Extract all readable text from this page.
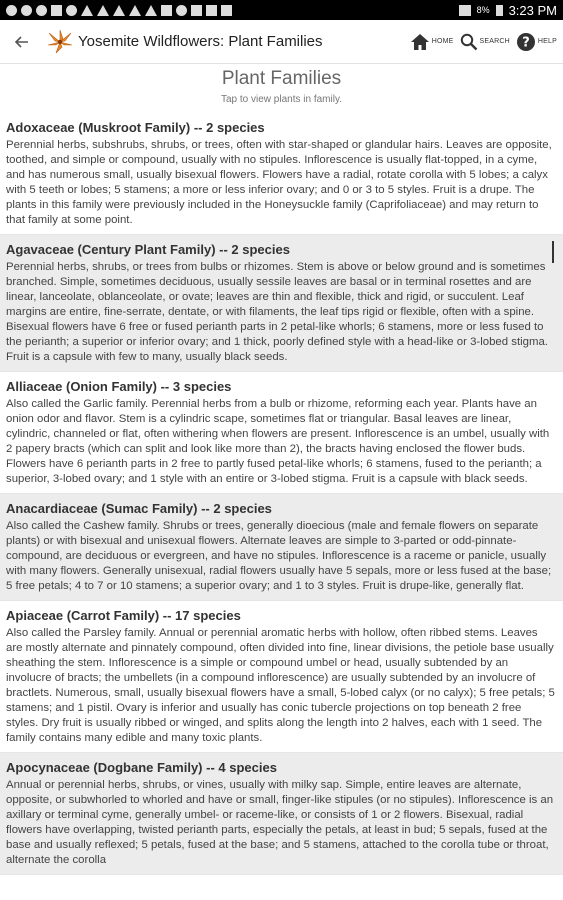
8% 3:23 PM
Yosemite Wildflowers: Plant Families	HOME	SEARCH ? HELP
Plant Families
Tap to view plants in family.
Adoxaceae (Muskroot Family) -- 2 species
Perennial herbs, subshrubs, shrubs, or trees, often with star-shaped or glandular hairs. Leaves are opposite, toothed, and simple or compound, usually with no stipules. Inflorescence is usually flat-topped, in a cyme, and has numerous small, usually bisexual flowers. Flowers have a radial, rotate corolla with 5 lobes; a calyx with 5 teeth or lobes; 5 stamens; a more or less inferior ovary; and 0 or 3 to 5 styles. Fruit is a drupe. The plants in this family were previously included in the Honeysuckle family (Caprifoliaceae) and may return to that family at some point.
Agavaceae (Century Plant Family) -- 2 species
Perennial herbs, shrubs, or trees from bulbs or rhizomes. Stem is above or below ground and is sometimes branched. Simple, sometimes deciduous, usually sessile leaves are basal or in terminal rosettes and are linear, lanceolate, oblanceolate, or ovate; leaves are thin and flexible, thick and rigid, or succulent. Leaf margins are entire, fine-serrate, dentate, or with filaments, the leaf tips rigid or flexible, often with a spine. Bisexual flowers have 6 free or fused perianth parts in 2 petal-like whorls; 6 stamens, more or less fused to the perianth; a superior or inferior ovary; and 1 thick, poorly defined style with a head-like or 3-lobed stigma. Fruit is a capsule with few to many, usually black seeds.
Alliaceae (Onion Family) -- 3 species
Also called the Garlic family. Perennial herbs from a bulb or rhizome, reforming each year. Plants have an onion odor and flavor. Stem is a cylindric scape, sometimes flat or triangular. Basal leaves are linear, cylindric, channeled or flat, often withering when flowers are present. Inflorescence is an umbel, usually with 2 papery bracts (which can split and look like more than 2), the bracts having enclosed the flower buds. Flowers have 6 perianth parts in 2 free to partly fused petal-like whorls; 6 stamens, fused to the perianth; a superior, 3-lobed ovary; and 1 style with an entire or 3-lobed stigma. Fruit is a capsule with black seeds.
Anacardiaceae (Sumac Family) -- 2 species
Also called the Cashew family. Shrubs or trees, generally dioecious (male and female flowers on separate plants) or with bisexual and unisexual flowers. Alternate leaves are simple to 3-parted or odd-pinnate-compound, are deciduous or evergreen, and have no stipules. Inflorescence is a raceme or panicle, usually with many flowers. Generally unisexual, radial flowers usually have 5 sepals, more or less fused at the base; 5 free petals; 4 to 7 or 10 stamens; a superior ovary; and 1 to 3 styles. Fruit is drupe-like, generally flat.
Apiaceae (Carrot Family) -- 17 species
Also called the Parsley family. Annual or perennial aromatic herbs with hollow, often ribbed stems. Leaves are mostly alternate and pinnately compound, often divided into fine, linear divisions, the petiole base usually sheathing the stem. Inflorescence is a simple or compound umbel or head, usually subtended by an involucre of bracts; the umbellets (in a compound inflorescence) are usually subtended by an involucre of bractlets. Numerous, small, usually bisexual flowers have a small, 5-lobed calyx (or no calyx); 5 free petals; 5 stamens; and 1 pistil. Ovary is inferior and usually has conic tubercle projections on top beneath 2 free styles. Dry fruit is usually ribbed or winged, and splits along the length into 2 halves, each with 1 seed. The family contains many edible and many toxic plants.
Apocynaceae (Dogbane Family) -- 4 species
Annual or perennial herbs, shrubs, or vines, usually with milky sap. Simple, entire leaves are alternate, opposite, or subwhorled to whorled and have or small, finger-like stipules (or no stipules). Inflorescence is an axillary or terminal cyme, generally umbel- or raceme-like, or consists of 1 or 2 flowers. Bisexual, radial flowers have overlapping, twisted perianth parts, especially the petals, at least in bud; 5 sepals, fused at the base and usually reflexed; 5 petals, fused at the base; and 5 stamens, attached to the corolla tube or throat, alternate the corolla
